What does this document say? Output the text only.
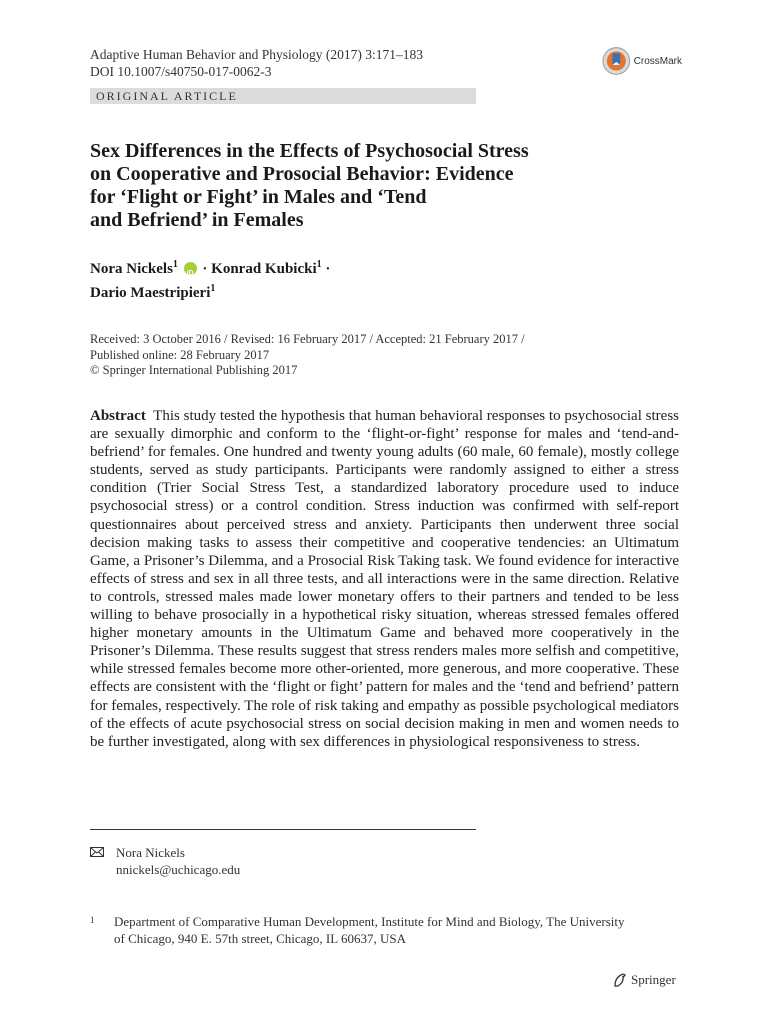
Adaptive Human Behavior and Physiology (2017) 3:171–183
DOI 10.1007/s40750-017-0062-3
CrossMark
ORIGINAL ARTICLE
Sex Differences in the Effects of Psychosocial Stress
on Cooperative and Prosocial Behavior: Evidence
for ‘Flight or Fight’ in Males and ‘Tend
and Befriend’ in Females
Nora Nickels$^1$ iD · Konrad Kubicki$^1$ ·
Dario Maestripieri$^1$
Received: 3 October 2016 / Revised: 16 February 2017 / Accepted: 21 February 2017 /
Published online: 28 February 2017
© Springer International Publishing 2017
Abstract This study tested the hypothesis that human behavioral responses to psychosocial stress are sexually dimorphic and conform to the ‘flight-or-fight’ response for males and ‘tend-and-befriend’ for females. One hundred and twenty young adults (60 male, 60 female), mostly college students, served as study participants. Participants were randomly assigned to either a stress condition (Trier Social Stress Test, a standardized laboratory procedure used to induce psychosocial stress) or a control condition. Stress induction was confirmed with self-report questionnaires about perceived stress and anxiety. Participants then underwent three social decision making tasks to assess their competitive and cooperative tendencies: an Ultimatum Game, a Prisoner’s Dilemma, and a Prosocial Risk Taking task. We found evidence for interactive effects of stress and sex in all three tests, and all interactions were in the same direction. Relative to controls, stressed males made lower monetary offers to their partners and tended to be less willing to behave prosocially in a hypothetical risky situation, whereas stressed females offered higher monetary amounts in the Ultimatum Game and behaved more cooperatively in the Prisoner’s Dilemma. These results suggest that stress renders males more selfish and competitive, while stressed females become more other-oriented, more generous, and more cooperative. These effects are consistent with the ‘flight or fight’ pattern for males and the ‘tend and befriend’ pattern for females, respectively. The role of risk taking and empathy as possible psychological mediators of the effects of acute psychosocial stress on social decision making in men and women needs to be further investigated, along with sex differences in physiological responsiveness to stress.
Nora Nickels
nnickels@uchicago.edu
1 Department of Comparative Human Development, Institute for Mind and Biology, The University
of Chicago, 940 E. 57th street, Chicago, IL 60637, USA
Springer
